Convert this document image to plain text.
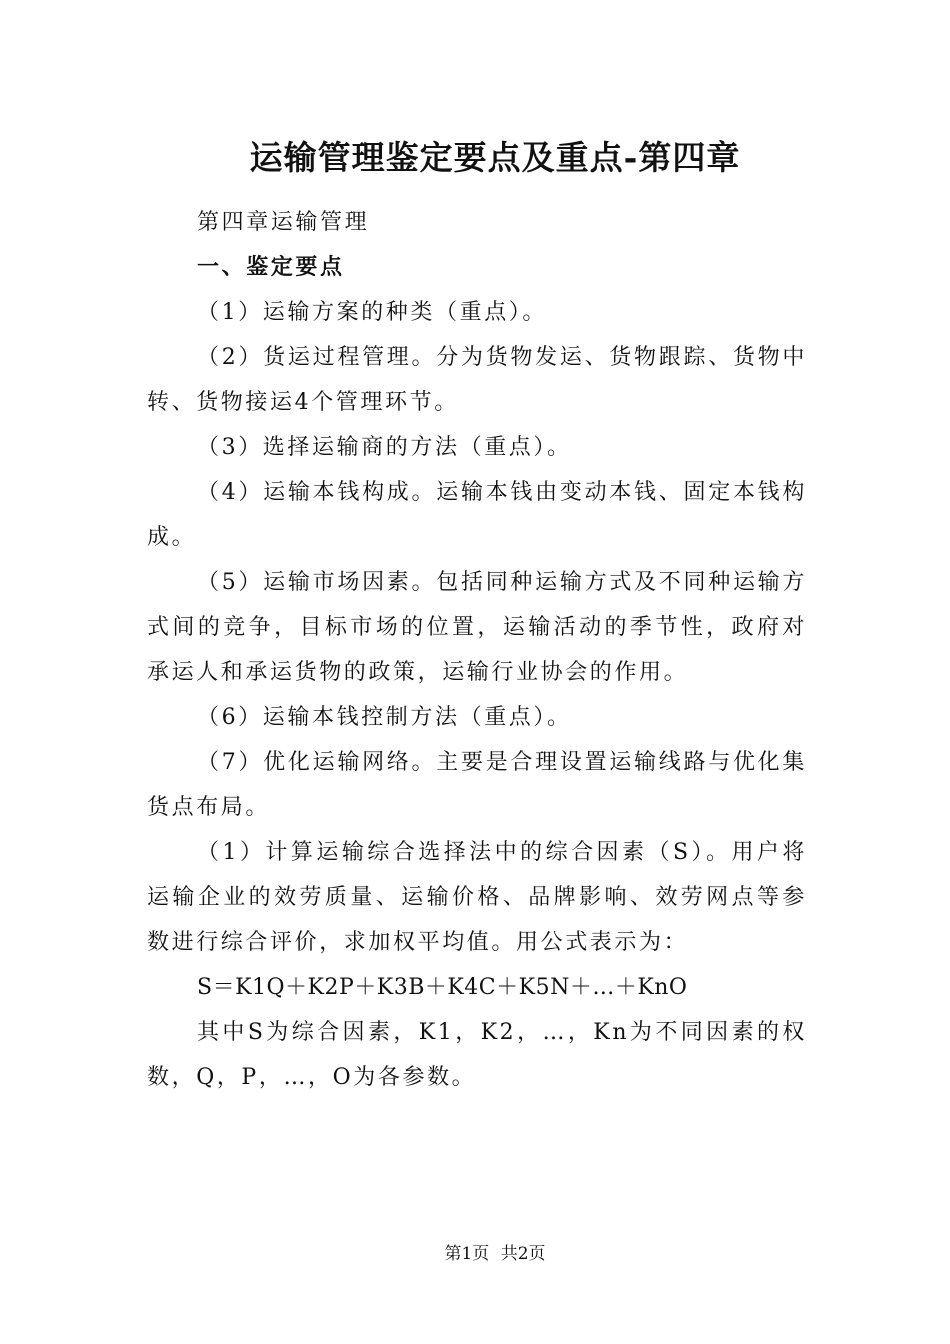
运输管理鉴定要点及重点-第四章

第四章运输管理

一、鉴定要点

（1）运输方案的种类（重点）。

（2）货运过程管理。分为货物发运、货物跟踪、货物中转、货物接运4个管理环节。

（3）选择运输商的方法（重点）。

（4）运输本钱构成。运输本钱由变动本钱、固定本钱构成。

（5）运输市场因素。包括同种运输方式及不同种运输方式间的竞争，目标市场的位置，运输活动的季节性，政府对承运人和承运货物的政策，运输行业协会的作用。

（6）运输本钱控制方法（重点）。

（7）优化运输网络。主要是合理设置运输线路与优化集货点布局。

（1）计算运输综合选择法中的综合因素（S）。用户将运输企业的效劳质量、运输价格、品牌影响、效劳网点等参数进行综合评价，求加权平均值。用公式表示为：

S＝K1Q＋K2P＋K3B＋K4C＋K5N＋…＋KnO

其中S为综合因素，K1，K2，…，Kn为不同因素的权数，Q，P，…，O为各参数。

第1页 共2页
